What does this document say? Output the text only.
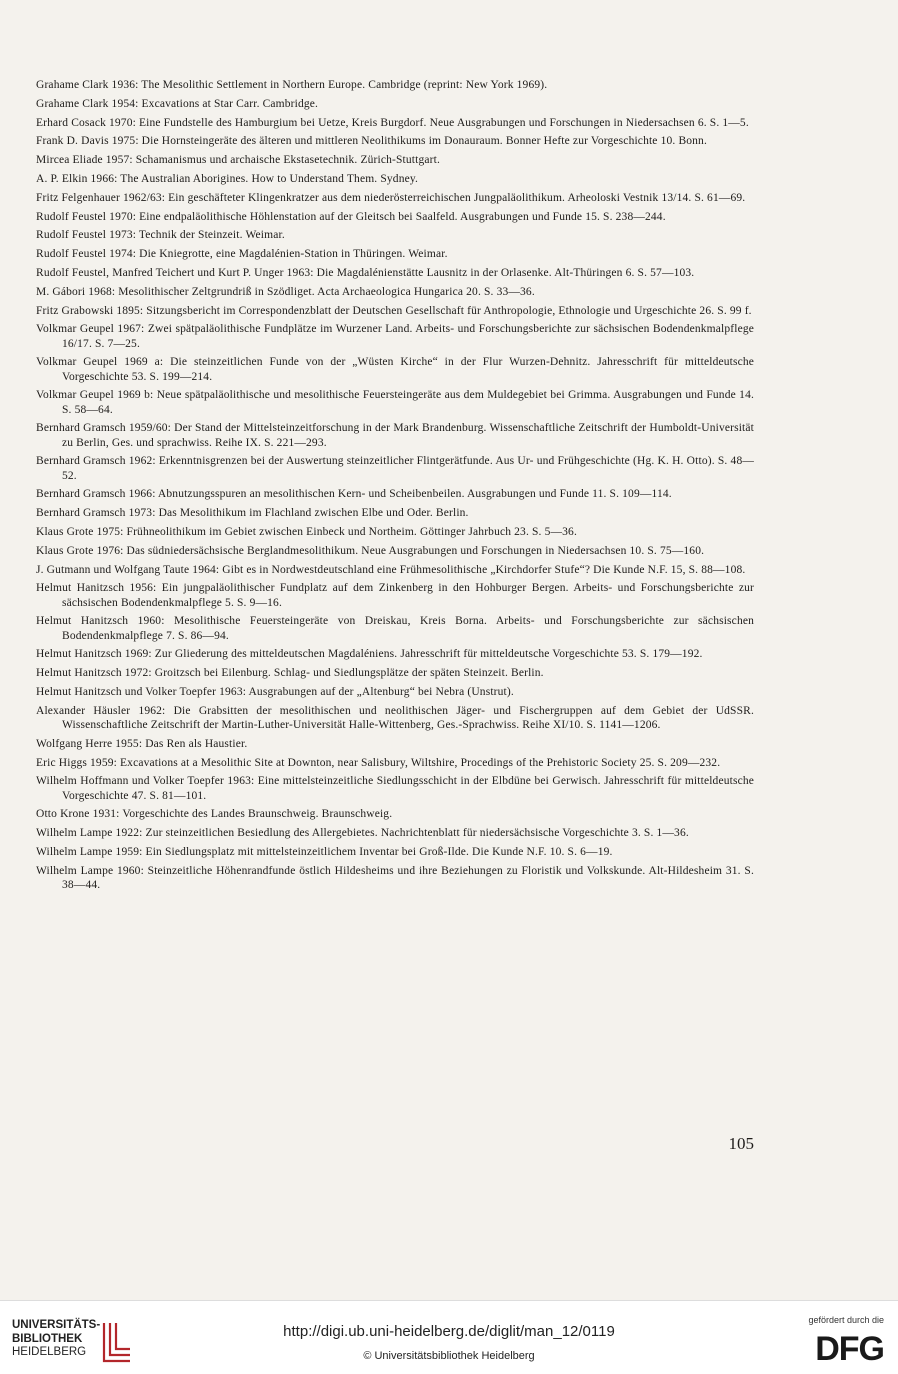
Grahame Clark 1936: The Mesolithic Settlement in Northern Europe. Cambridge (reprint: New York 1969).

Grahame Clark 1954: Excavations at Star Carr. Cambridge.

Erhard Cosack 1970: Eine Fundstelle des Hamburgium bei Uetze, Kreis Burgdorf. Neue Ausgrabungen und Forschungen in Niedersachsen 6. S. 1—5.

Frank D. Davis 1975: Die Hornsteingeräte des älteren und mittleren Neolithikums im Donauraum. Bonner Hefte zur Vorgeschichte 10. Bonn.

Mircea Eliade 1957: Schamanismus und archaische Ekstasetechnik. Zürich-Stuttgart.

A. P. Elkin 1966: The Australian Aborigines. How to Understand Them. Sydney.

Fritz Felgenhauer 1962/63: Ein geschäfteter Klingenkratzer aus dem niederösterreichischen Jungpaläolithikum. Arheoloski Vestnik 13/14. S. 61—69.

Rudolf Feustel 1970: Eine endpaläolithische Höhlenstation auf der Gleitsch bei Saalfeld. Ausgrabungen und Funde 15. S. 238—244.

Rudolf Feustel 1973: Technik der Steinzeit. Weimar.

Rudolf Feustel 1974: Die Kniegrotte, eine Magdalénien-Station in Thüringen. Weimar.

Rudolf Feustel, Manfred Teichert und Kurt P. Unger 1963: Die Magdalénienstätte Lausnitz in der Orlasenke. Alt-Thüringen 6. S. 57—103.

M. Gábori 1968: Mesolithischer Zeltgrundriß in Szödliget. Acta Archaeologica Hungarica 20. S. 33—36.

Fritz Grabowski 1895: Sitzungsbericht im Correspondenzblatt der Deutschen Gesellschaft für Anthropologie, Ethnologie und Urgeschichte 26. S. 99 f.

Volkmar Geupel 1967: Zwei spätpaläolithische Fundplätze im Wurzener Land. Arbeits- und Forschungsberichte zur sächsischen Bodendenkmalpflege 16/17. S. 7—25.

Volkmar Geupel 1969 a: Die steinzeitlichen Funde von der „Wüsten Kirche“ in der Flur Wurzen-Dehnitz. Jahresschrift für mitteldeutsche Vorgeschichte 53. S. 199—214.

Volkmar Geupel 1969 b: Neue spätpaläolithische und mesolithische Feuersteingeräte aus dem Muldegebiet bei Grimma. Ausgrabungen und Funde 14. S. 58—64.

Bernhard Gramsch 1959/60: Der Stand der Mittelsteinzeitforschung in der Mark Brandenburg. Wissenschaftliche Zeitschrift der Humboldt-Universität zu Berlin, Ges. und sprachwiss. Reihe IX. S. 221—293.

Bernhard Gramsch 1962: Erkenntnisgrenzen bei der Auswertung steinzeitlicher Flintgerätfunde. Aus Ur- und Frühgeschichte (Hg. K. H. Otto). S. 48—52.

Bernhard Gramsch 1966: Abnutzungsspuren an mesolithischen Kern- und Scheibenbeilen. Ausgrabungen und Funde 11. S. 109—114.

Bernhard Gramsch 1973: Das Mesolithikum im Flachland zwischen Elbe und Oder. Berlin.

Klaus Grote 1975: Frühneolithikum im Gebiet zwischen Einbeck und Northeim. Göttinger Jahrbuch 23. S. 5—36.

Klaus Grote 1976: Das südniedersächsische Berglandmesolithikum. Neue Ausgrabungen und Forschungen in Niedersachsen 10. S. 75—160.

J. Gutmann und Wolfgang Taute 1964: Gibt es in Nordwestdeutschland eine Frühmesolithische „Kirchdorfer Stufe“? Die Kunde N.F. 15, S. 88—108.

Helmut Hanitzsch 1956: Ein jungpaläolithischer Fundplatz auf dem Zinkenberg in den Hohburger Bergen. Arbeits- und Forschungsberichte zur sächsischen Bodendenkmalpflege 5. S. 9—16.

Helmut Hanitzsch 1960: Mesolithische Feuersteingeräte von Dreiskau, Kreis Borna. Arbeits- und Forschungsberichte zur sächsischen Bodendenkmalpflege 7. S. 86—94.

Helmut Hanitzsch 1969: Zur Gliederung des mitteldeutschen Magdaléniens. Jahresschrift für mitteldeutsche Vorgeschichte 53. S. 179—192.

Helmut Hanitzsch 1972: Groitzsch bei Eilenburg. Schlag- und Siedlungsplätze der späten Steinzeit. Berlin.

Helmut Hanitzsch und Volker Toepfer 1963: Ausgrabungen auf der „Altenburg“ bei Nebra (Unstrut).

Alexander Häusler 1962: Die Grabsitten der mesolithischen und neolithischen Jäger- und Fischergruppen auf dem Gebiet der UdSSR. Wissenschaftliche Zeitschrift der Martin-Luther-Universität Halle-Wittenberg, Ges.-Sprachwiss. Reihe XI/10. S. 1141—1206.

Wolfgang Herre 1955: Das Ren als Haustier.

Eric Higgs 1959: Excavations at a Mesolithic Site at Downton, near Salisbury, Wiltshire, Procedings of the Prehistoric Society 25. S. 209—232.

Wilhelm Hoffmann und Volker Toepfer 1963: Eine mittelsteinzeitliche Siedlungsschicht in der Elbdüne bei Gerwisch. Jahresschrift für mitteldeutsche Vorgeschichte 47. S. 81—101.

Otto Krone 1931: Vorgeschichte des Landes Braunschweig. Braunschweig.

Wilhelm Lampe 1922: Zur steinzeitlichen Besiedlung des Allergebietes. Nachrichtenblatt für niedersächsische Vorgeschichte 3. S. 1—36.

Wilhelm Lampe 1959: Ein Siedlungsplatz mit mittelsteinzeitlichem Inventar bei Groß-Ilde. Die Kunde N.F. 10. S. 6—19.

Wilhelm Lampe 1960: Steinzeitliche Höhenrandfunde östlich Hildesheims und ihre Beziehungen zu Floristik und Volkskunde. Alt-Hildesheim 31. S. 38—44.

105
UNIVERSITÄTS-
BIBLIOTHEK
HEIDELBERG
http://digi.ub.uni-heidelberg.de/diglit/man_12/0119
© Universitätsbibliothek Heidelberg
gefördert durch die
DFG
